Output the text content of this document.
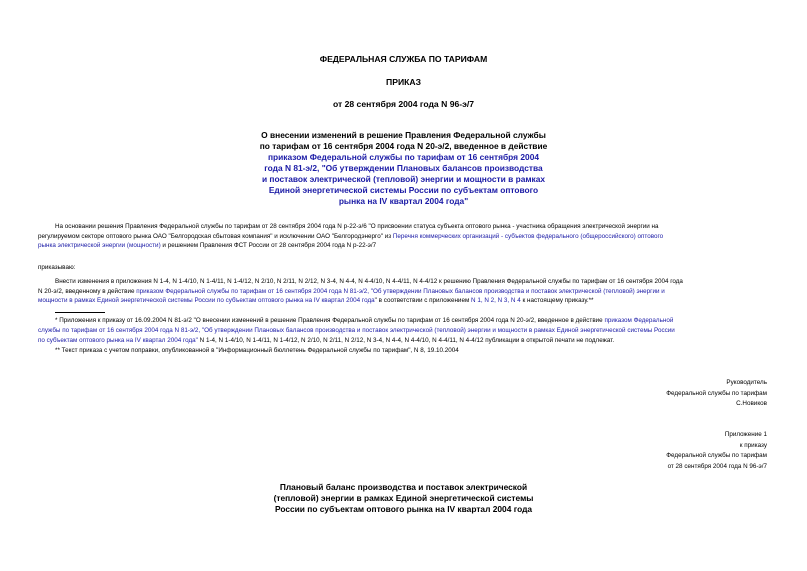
ФЕДЕРАЛЬНАЯ СЛУЖБА ПО ТАРИФАМ
ПРИКАЗ
от 28 сентября 2004 года N 96-э/7
О внесении изменений в решение Правления Федеральной службы
по тарифам от 16 сентября 2004 года N 20-э/2, введенное в действие
приказом Федеральной службы по тарифам от 16 сентября 2004
года N 81-э/2, "Об утверждении Плановых балансов производства
и поставок электрической (тепловой) энергии и мощности в рамках
Единой энергетической системы России по субъектам оптового
рынка на IV квартал 2004 года"
На основании решения Правления Федеральной службы по тарифам от 28 сентября 2004 года N р-22-э/6 "О присвоении статуса субъекта оптового рынка - участника обращения электрической энергии на
регулируемом секторе оптового рынка ОАО "Белгородская сбытовая компания" и исключении ОАО "Белгородэнерго" из Перечня коммерческих организаций - субъектов федерального (общероссийского) оптового
рынка электрической энергии (мощности) и решением Правления ФСТ России от 28 сентября 2004 года N р-22-э/7
приказываю:
Внести изменения в приложения N 1-4, N 1-4/10, N 1-4/11, N 1-4/12, N 2/10, N 2/11, N 2/12, N 3-4, N 4-4, N 4-4/10, N 4-4/11, N 4-4/12 к решению Правления Федеральной службы по тарифам от 16 сентября 2004 года
N 20-э/2, введенному в действие приказом Федеральной службы по тарифам от 16 сентября 2004 года N 81-э/2, "Об утверждении Плановых балансов производства и поставок электрической (тепловой) энергии и
мощности в рамках Единой энергетической системы России по субъектам оптового рынка на IV квартал 2004 года" в соответствии с приложением N 1, N 2, N 3, N 4 к настоящему приказу.**
* Приложения к приказу от 16.09.2004 N 81-э/2 "О внесении изменений в решение Правления Федеральной службы по тарифам от 16 сентября 2004 года N 20-э/2, введенное в действие приказом Федеральной
службы по тарифам от 16 сентября 2004 года N 81-э/2, "Об утверждении Плановых балансов производства и поставок электрической (тепловой) энергии и мощности в рамках Единой энергетической системы России
по субъектам оптового рынка на IV квартал 2004 года" N 1-4, N 1-4/10, N 1-4/11, N 1-4/12, N 2/10, N 2/11, N 2/12, N 3-4, N 4-4, N 4-4/10, N 4-4/11, N 4-4/12 публикации в открытой печати не подлежат.
** Текст приказа с учетом поправки, опубликованной в "Информационный бюллетень Федеральной службы по тарифам", N 8, 19.10.2004
Руководитель
Федеральной службы по тарифам
С.Новиков
Приложение 1
к приказу
Федеральной службы по тарифам
от 28 сентября 2004 года N 96-э/7
Плановый баланс производства и поставок электрической
(тепловой) энергии в рамках Единой энергетической системы
России по субъектам оптового рынка на IV квартал 2004 года
